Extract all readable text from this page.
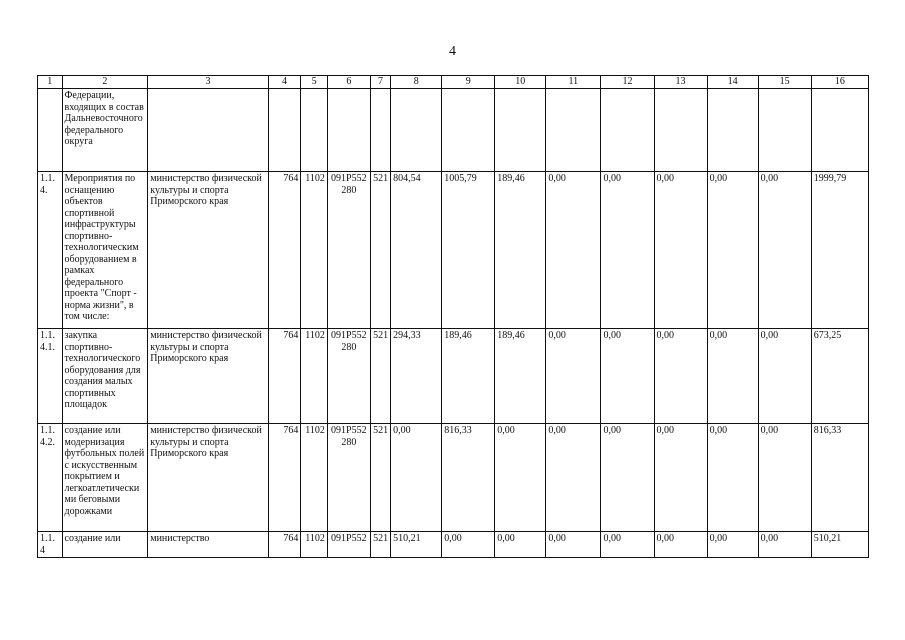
4
1	2	3	4	5	6	7	8	9	10	11	12	13	14	15	16
	Федерации, входящих в состав Дальневосточного федерального округа														
1.1.4.	Мероприятия по оснащению объектов спортивной инфраструктуры спортивно-технологическим оборудованием в рамках федерального проекта "Спорт - норма жизни", в том числе:	министерство физической культуры и спорта Приморского края	764	1102	091P552280	521	804,54	1005,79	189,46	0,00	0,00	0,00	0,00	0,00	1999,79
1.1.4.1.	закупка спортивно-технологического оборудования для создания малых спортивных площадок	министерство физической культуры и спорта Приморского края	764	1102	091P552280	521	294,33	189,46	189,46	0,00	0,00	0,00	0,00	0,00	673,25
1.1.4.2.	создание или модернизация футбольных полей с искусственным покрытием и легкоатлетическими беговыми дорожками	министерство физической культуры и спорта Приморского края	764	1102	091P552280	521	0,00	816,33	0,00	0,00	0,00	0,00	0,00	0,00	816,33
1.1.4	создание или	министерство	764	1102	091P552	521	510,21	0,00	0,00	0,00	0,00	0,00	0,00	0,00	510,21
